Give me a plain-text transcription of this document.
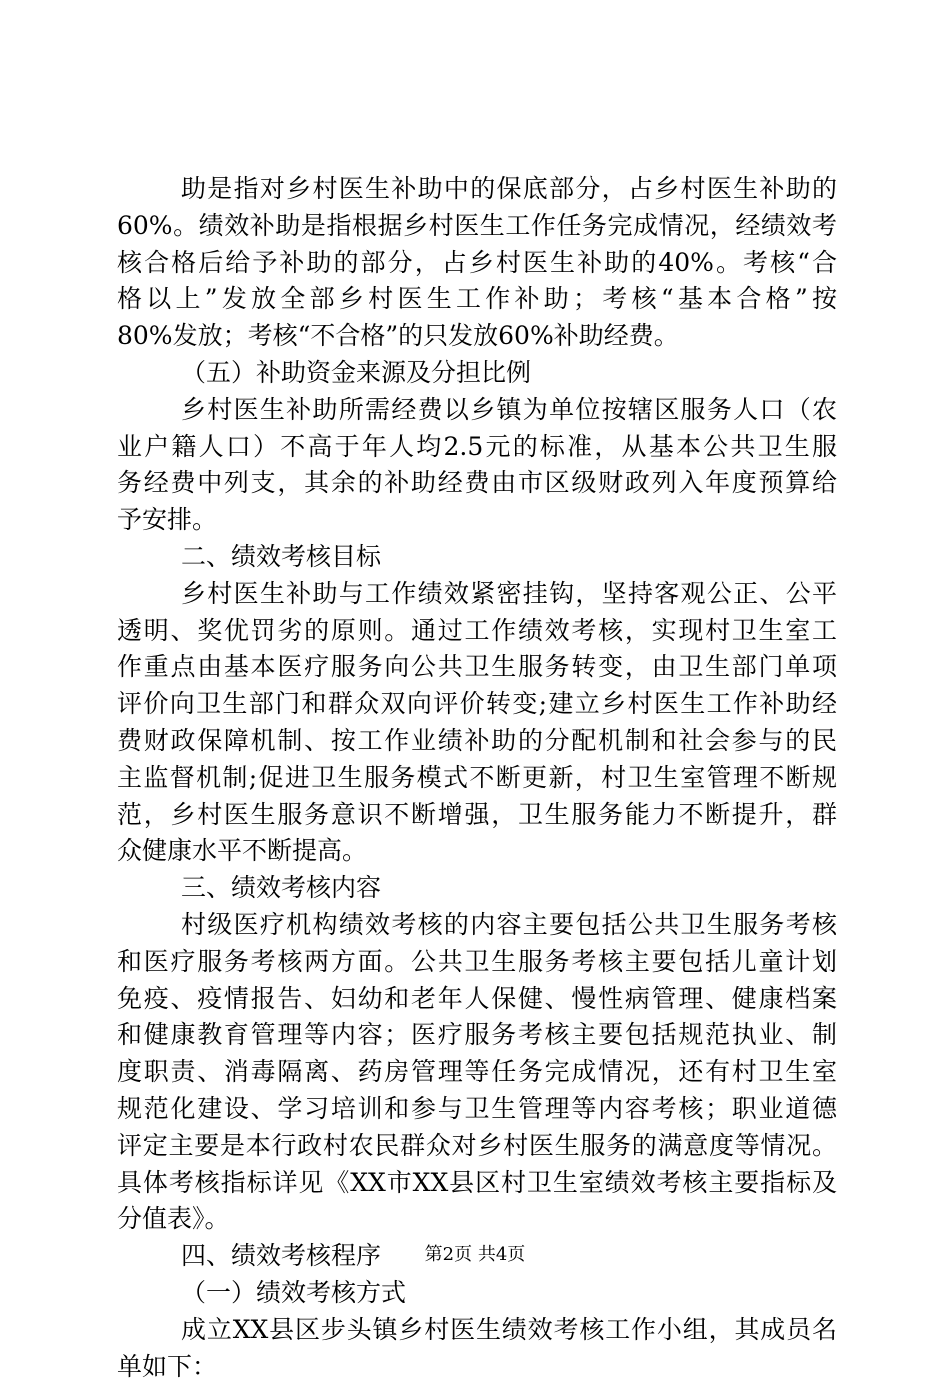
助是指对乡村医生补助中的保底部分，占乡村医生补助的
60%。绩效补助是指根据乡村医生工作任务完成情况，经绩效考
核合格后给予补助的部分，占乡村医生补助的40%。考核“合
格以上”发放全部乡村医生工作补助；考核“基本合格”按
80%发放；考核“不合格”的只发放60%补助经费。
（五）补助资金来源及分担比例
乡村医生补助所需经费以乡镇为单位按辖区服务人口（农
业户籍人口）不高于年人均2.5元的标准，从基本公共卫生服
务经费中列支，其余的补助经费由市区级财政列入年度预算给
予安排。
二、绩效考核目标
乡村医生补助与工作绩效紧密挂钩，坚持客观公正、公平
透明、奖优罚劣的原则。通过工作绩效考核，实现村卫生室工
作重点由基本医疗服务向公共卫生服务转变，由卫生部门单项
评价向卫生部门和群众双向评价转变;建立乡村医生工作补助经
费财政保障机制、按工作业绩补助的分配机制和社会参与的民
主监督机制;促进卫生服务模式不断更新，村卫生室管理不断规
范，乡村医生服务意识不断增强，卫生服务能力不断提升，群
众健康水平不断提高。
三、绩效考核内容
村级医疗机构绩效考核的内容主要包括公共卫生服务考核
和医疗服务考核两方面。公共卫生服务考核主要包括儿童计划
免疫、疫情报告、妇幼和老年人保健、慢性病管理、健康档案
和健康教育管理等内容；医疗服务考核主要包括规范执业、制
度职责、消毒隔离、药房管理等任务完成情况，还有村卫生室
规范化建设、学习培训和参与卫生管理等内容考核；职业道德
评定主要是本行政村农民群众对乡村医生服务的满意度等情况。
具体考核指标详见《XX市XX县区村卫生室绩效考核主要指标及
分值表》。
四、绩效考核程序
（一）绩效考核方式
成立XX县区步头镇乡村医生绩效考核工作小组，其成员名
单如下：
第2页 共4页
